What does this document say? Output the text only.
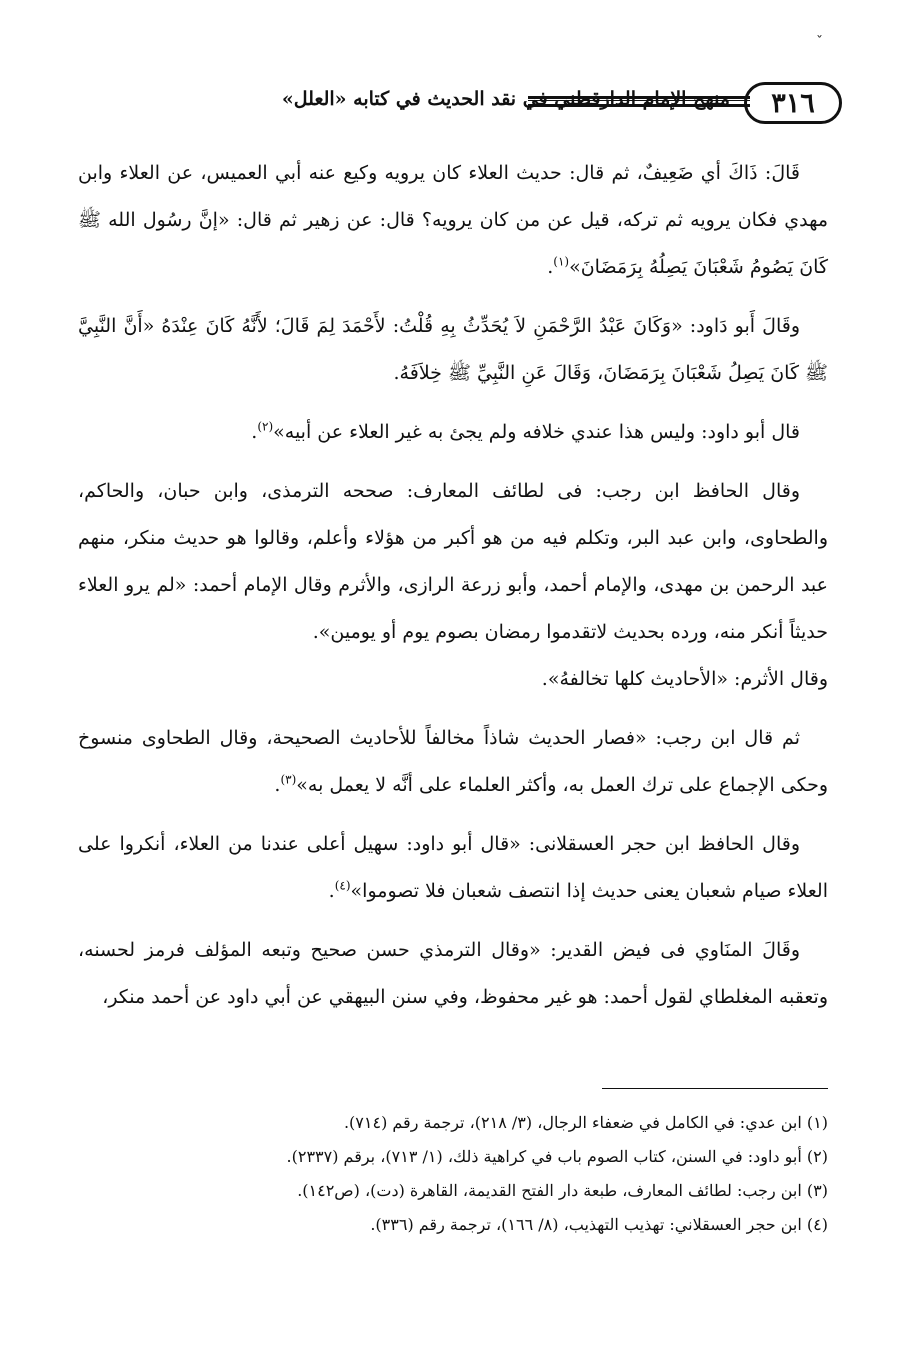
ˇ
٣١٦
منهج الإمام الدارقطني في نقد الحديث في كتابه «العلل»

قَالَ: ذَاكَ أي ضَعِيفٌ، ثم قال: حديث العلاء كان يرويه وكيع عنه أبي العميس، عن العلاء وابن مهدي فكان يرويه ثم تركه، قيل عن من كان يرويه؟ قال: عن زهير ثم قال: «إنَّ رسُول الله ﷺ كَانَ يَصُومُ شَعْبَانَ يَصِلُهُ بِرَمَضَانَ»$^{(١)}$.

وقَالَ أَبو دَاود: «وَكَانَ عَبْدُ الرَّحْمَنِ لاَ يُحَدِّثُ بِهِ قُلْتُ: لأَحْمَدَ لِمَ قَالَ؛ لأَنَّهُ كَانَ عِنْدَهُ «أَنَّ النَّبِيَّ ﷺ كَانَ يَصِلُ شَعْبَانَ بِرَمَضَانَ، وَقَالَ عَنِ النَّبِيِّ ﷺ خِلاَفَهُ.

قال أبو داود: وليس هذا عندي خلافه ولم يجئ به غير العلاء عن أبيه»$^{(٢)}$.

وقال الحافظ ابن رجب: فى لطائف المعارف: صححه الترمذى، وابن حبان، والحاكم، والطحاوى، وابن عبد البر، وتكلم فيه من هو أكبر من هؤلاء وأعلم، وقالوا هو حديث منكر، منهم عبد الرحمن بن مهدى، والإمام أحمد، وأبو زرعة الرازى، والأثرم وقال الإمام أحمد: «لم يرو العلاء حديثاً أنكر منه، ورده بحديث لاتقدموا رمضان بصوم يوم أو يومين».

وقال الأثرم: «الأحاديث كلها تخالفهُ».

ثم قال ابن رجب: «فصار الحديث شاذاً مخالفاً للأحاديث الصحيحة، وقال الطحاوى منسوخ وحكى الإجماع على ترك العمل به، وأكثر العلماء على أنَّه لا يعمل به»$^{(٣)}$.

وقال الحافظ ابن حجر العسقلانى: «قال أبو داود: سهيل أعلى عندنا من العلاء، أنكروا على العلاء صيام شعبان يعنى حديث إذا انتصف شعبان فلا تصوموا»$^{(٤)}$.

وقَالَ المنَاوي فى فيض القدير: «وقال الترمذي حسن صحيح وتبعه المؤلف فرمز لحسنه، وتعقبه المغلطاي لقول أحمد: هو غير محفوظ، وفي سنن البيهقي عن أبي داود عن أحمد منكر،

(١) ابن عدي: في الكامل في ضعفاء الرجال، (٣/ ٢١٨)، ترجمة رقم (٧١٤).
(٢) أبو داود: في السنن، كتاب الصوم باب في كراهية ذلك، (١/ ٧١٣)، برقم (٢٣٣٧).
(٣) ابن رجب: لطائف المعارف، طبعة دار الفتح القديمة، القاهرة (دت)، (ص١٤٢).
(٤) ابن حجر العسقلاني: تهذيب التهذيب، (٨/ ١٦٦)، ترجمة رقم (٣٣٦).
